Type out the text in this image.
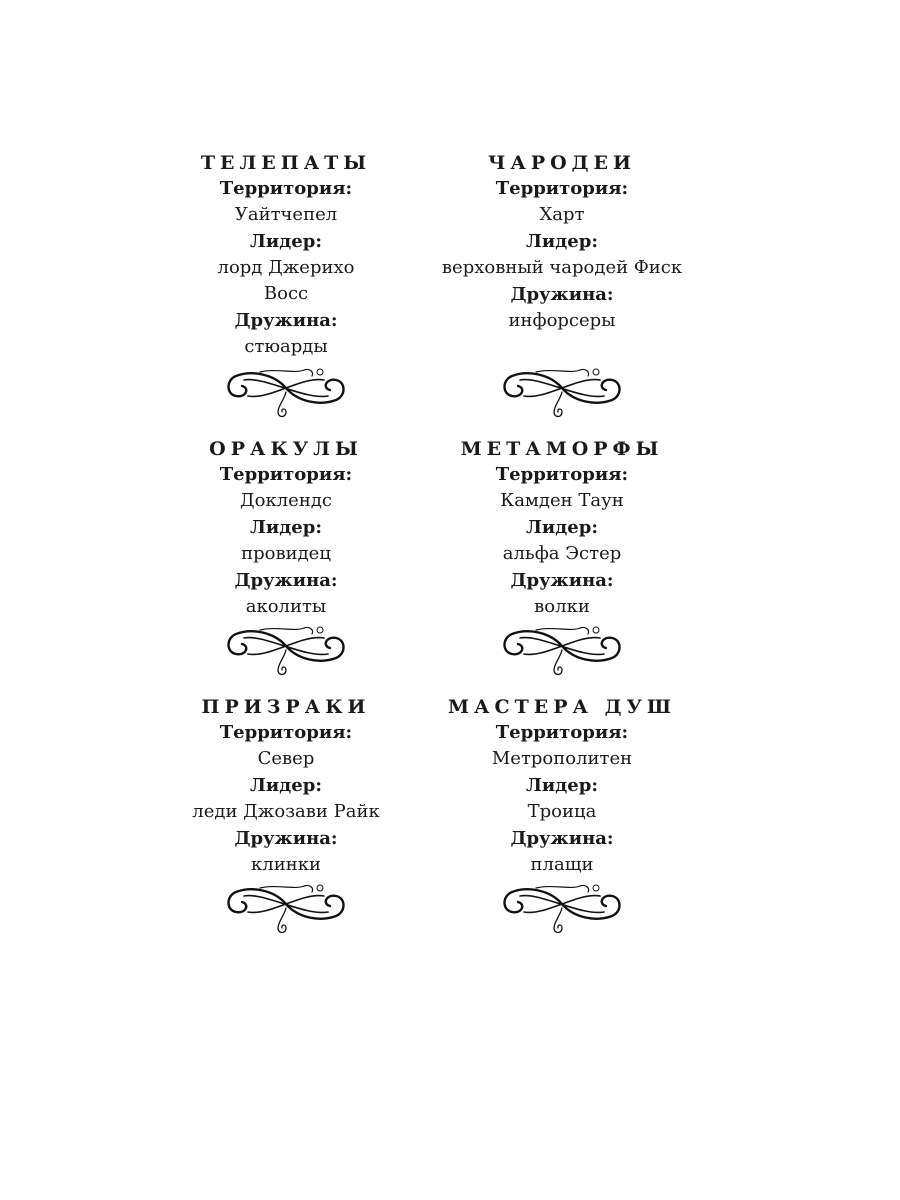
ТЕЛЕПАТЫ
Территория:
Уайтчепел
Лидер:
лорд Джерихо
Восс
Дружина:
стюарды
ОРАКУЛЫ
Территория:
Доклендс
Лидер:
провидец
Дружина:
аколиты
ПРИЗРАКИ
Территория:
Север
Лидер:
леди Джозави Райк
Дружина:
клинки
ЧАРОДЕИ
Территория:
Харт
Лидер:
верховный чародей Фиск
Дружина:
инфорсеры
МЕТАМОРФЫ
Территория:
Камден Таун
Лидер:
альфа Эстер
Дружина:
волки
МАСТЕРА ДУШ
Территория:
Метрополитен
Лидер:
Троица
Дружина:
плащи
